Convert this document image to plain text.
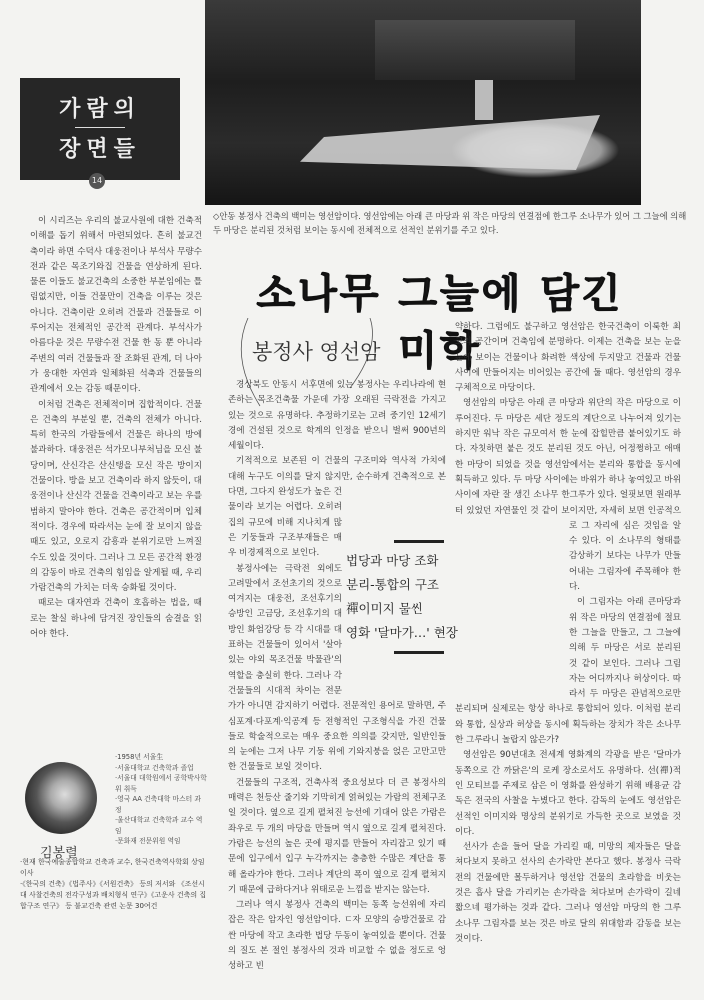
가람의
장면들
14
◇안동 봉정사 건축의 백미는 영선암이다. 영선암에는 아래 큰 마당과 위 작은 마당의 연결점에 한그루 소나무가 있어 그 그늘에 의해 두 마당은 분리된 것처럼 보이는 동시에 전체적으로 선적인 분위기를 주고 있다.
소나무 그늘에 담긴 미학
봉정사 영선암

이 시리즈는 우리의 불교사원에 대한 건축적 이해를 돕기 위해서 마련되었다. 흔히 불교건축이라 하면 수덕사 대웅전이나 부석사 무량수전과 같은 목조기와집 건물을 연상하게 된다. 물론 이들도 불교건축의 소중한 부분임에는 틀림없지만, 이들 건물만이 건축을 이루는 것은 아니다. 건축이란 오히려 건물과 건물들로 이루어지는 전체적인 공간적 관계다. 부석사가 아름다운 것은 무량수전 건물 한 동 뿐 아니라 주변의 여러 건물들과 잘 조화된 관계, 더 나아가 웅대한 자연과 일체화된 석축과 건물들의 관계에서 오는 감동 때문이다.

이처럼 건축은 전체적이며 집합적이다. 건물은 건축의 부분일 뿐, 건축의 전체가 아니다. 특히 한국의 가람들에서 건물은 하나의 방에 불과하다. 대웅전은 석가모니부처님을 모신 불당이며, 산신각은 산신탱을 모신 작은 방이지 건물이다. 방을 보고 건축이라 하지 않듯이, 대웅전이나 산신각 건물을 건축이라고 보는 우를 범하지 말아야 한다. 건축은 공간적이며 입체적이다. 경우에 따라서는 눈에 잘 보이지 않을 때도 있고, 오로지 감흥과 분위기로만 느껴질 수도 있을 것이다. 그러나 그 모든 공간적 환경의 감동이 바로 건축의 힘임을 알게될 때, 우리 가람건축의 가치는 더욱 승화될 것이다.

때로는 대자연과 건축이 호흡하는 법을, 때로는 찰실 하나에 담겨진 장인들의 숨결을 읽어야 한다.

김봉렬
·1958년 서울生
·서울대학교 건축학과 졸업
·서울대 대학원에서 공학박사학위 취득
·영국 AA 건축대학 마스터 과정
·울산대학교 건축학과 교수 역임
·문화재 전문위원 역임
·현재 한국예술종합학교 건축과 교수, 한국건축역사학회 상임이사
·《한국의 건축》《법주사》《서원건축》 등의 저서와 《조선시대 사찰건축의 전각구성과 배치형식 연구》《고운사 건축의 집합구조 연구》 등 불교건축 관련 논문 30여건

경상북도 안동시 서후면에 있는 봉정사는 우리나라에 현존하는 목조건축물 가운데 가장 오래된 극락전을 가지고 있는 것으로 유명하다. 추정하기로는 고려 중기인 12세기경에 건설된 것으로 학계의 인정을 받으니 벌써 900년의 세월이다.

기적적으로 보존된 이 건물의 구조미와 역사적 가치에 대해 누구도 이의를 달지 않지만, 순수하게 건축적으로 본다면, 그다지 완성도가 높은 건물이라 보기는 어렵다. 오히려 집의 규모에 비해 지나치게 많은 기둥들과 구조부재들은 매우 비경제적으로 보인다.

봉정사에는 극락전 외에도 고려말에서 조선초기의 것으로 여겨지는 대웅전, 조선후기의 승방인 고금당, 조선후기의 대방인 화엄강당 등 각 시대를 대표하는 건물들이 있어서 '살아있는 야외 목조건물 박물관'의 역할을 충실히 한다. 그러나 각 건물들의 시대적 차이는 전문가가 아니면 감지하기 어렵다. 전문적인 용어로 말하면, 주심포계·다포계·익공계 등 전형적인 구조형식을 가진 건물들로 학술적으로는 매우 중요한 의의를 갖지만, 일반인들의 눈에는 그저 나무 기둥 위에 기와지붕을 얹은 고만고만한 건물들로 보일 것이다.

건물들의 구조적, 건축사적 중요성보다 더 큰 봉정사의 매력은 천등산 줄기와 기막히게 얽혀있는 가람의 전체구조일 것이다. 옆으로 길게 펼쳐진 능선에 기대어 앉은 가람은 좌우로 두 개의 마당을 만들며 역시 옆으로 길게 펼쳐진다. 가람은 능선의 높은 곳에 평지를 만들어 자리잡고 있기 때문에 입구에서 입구 누각까지는 층층한 수많은 계단을 통해 올라가야 한다. 그러나 계단의 폭이 옆으로 길게 펼쳐지기 때문에 급하다거나 위태로운 느낌을 받지는 않는다.

그러나 역시 봉정사 건축의 백미는 동쪽 능선위에 자리잡은 작은 암자인 영선암이다. ㄷ자 모양의 승방건물로 감싼 마당에 작고 초라한 법당 두동이 놓여있을 뿐이다. 건물의 질도 본 절인 봉정사의 것과 비교할 수 없을 정도로 엉성하고 빈

약하다. 그럼에도 불구하고 영선암은 한국건축이 이룩한 최고의 공간이며 건축임에 분명하다. 이제는 건축을 보는 눈을 눈에 보이는 건물이나 화려한 색상에 두지말고 건물과 건물 사이에 만들어지는 비어있는 공간에 둘 때다. 영선암의 경우 구체적으로 마당이다.

영선암의 마당은 아래 큰 마당과 위단의 작은 마당으로 이루어진다. 두 마당은 세단 정도의 계단으로 나누어져 있기는 하지만 워낙 작은 규모여서 한 눈에 잡힐만큼 붙어있기도 하다. 자칫하면 붙은 것도 분리된 것도 아닌, 어정쩡하고 애매한 마당이 되었을 것을 영선암에서는 분리와 통합을 동시에 획득하고 있다. 두 마당 사이에는 바위가 하나 놓여있고 바위사이에 자란 잘 생긴 소나무 한그루가 있다. 얼핏보면 원래부터 있었던 자연물인 것 같이 보이지만, 자세히 보면 인공적으로 그 자리에 심은 것임을 알 수 있다. 이 소나무의 형태를 감상하기 보다는 나무가 만들어내는 그림자에 주목해야 한다.

이 그림자는 아래 큰마당과 위 작은 마당의 연결점에 절묘한 그늘을 만들고, 그 그늘에 의해 두 마당은 서로 분리된 것 같이 보인다. 그러나 그림자는 어디까지나 허상이다. 따라서 두 마당은 관념적으로만 분리되며 실제로는 항상 하나로 통합되어 있다. 이처럼 분리와 통합, 실상과 허상을 동시에 획득하는 장치가 작은 소나무 한 그루라니 놀랍지 않은가?

영선암은 90년대초 전세계 영화계의 각광을 받은 '달마가 동쪽으로 간 까닭은'의 로케 장소로서도 유명하다. 선(禪)적인 모티브를 주제로 삼은 이 영화를 완성하기 위해 배용균 감독은 전국의 사찰을 누볐다고 한다. 감독의 눈에도 영선암은 선적인 이미지와 명상의 분위기로 가득한 곳으로 보였을 것이다.

선사가 손을 들어 달을 가리킬 때, 미망의 제자들은 달을 쳐다보지 못하고 선사의 손가락만 본다고 했다. 봉정사 극락전의 건물에만 몰두하거나 영선암 건물의 초라함을 비웃는 것은 흡사 달을 가리키는 손가락을 쳐다보며 손가락이 길네 짧으네 평가하는 것과 같다. 그러나 영선암 마당의 한 그루 소나무 그림자를 보는 것은 바로 달의 위대함과 감동을 보는 것이다.

법당과 마당 조화
분리-통합의 구조
禪이미지 물씬
영화 '달마가…' 현장
